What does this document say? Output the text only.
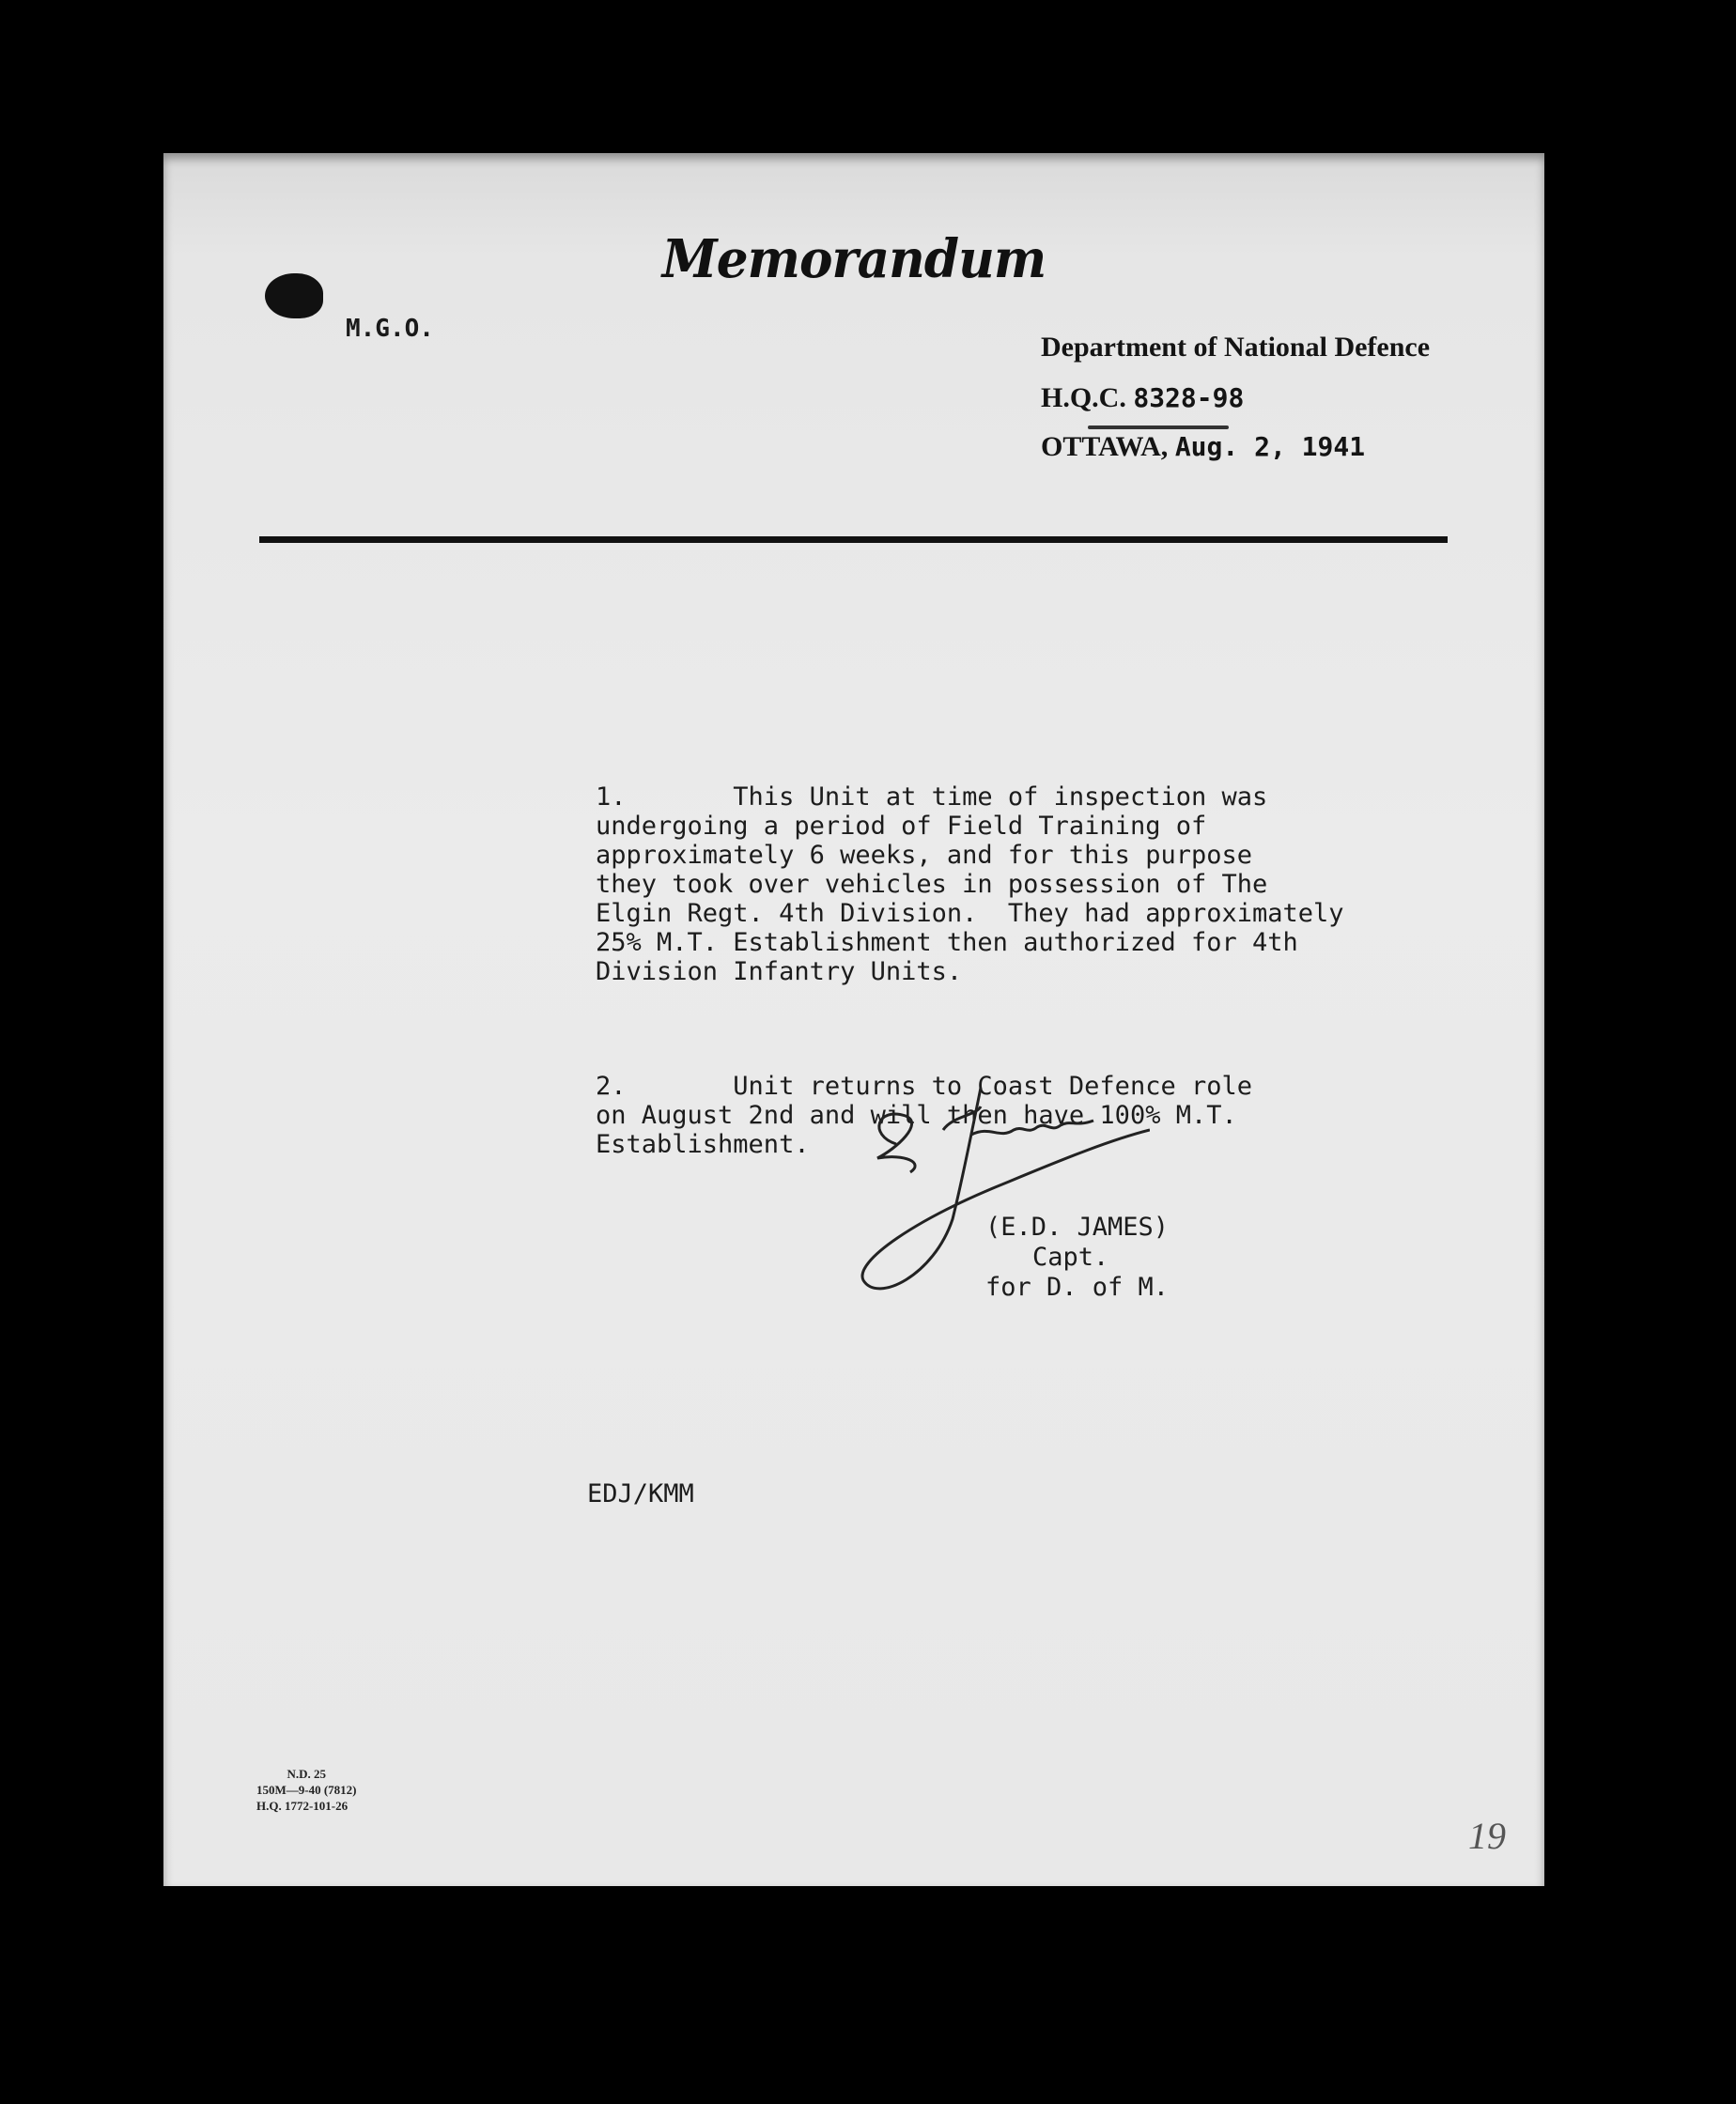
Memorandum
M.G.O.
Department of National Defence
H.Q.C. 8328-98
OTTAWA, Aug. 2, 1941

1.       This Unit at time of inspection was
undergoing a period of Field Training of
approximately 6 weeks, and for this purpose
they took over vehicles in possession of The
Elgin Regt. 4th Division.  They had approximately
25% M.T. Establishment then authorized for 4th
Division Infantry Units.

2.       Unit returns to Coast Defence role
on August 2nd and will then have 100% M.T.
Establishment.

(E.D. JAMES)
Capt.
for D. of M.
EDJ/KMM
N.D. 25
150M—9-40 (7812)
H.Q. 1772-101-26
19
